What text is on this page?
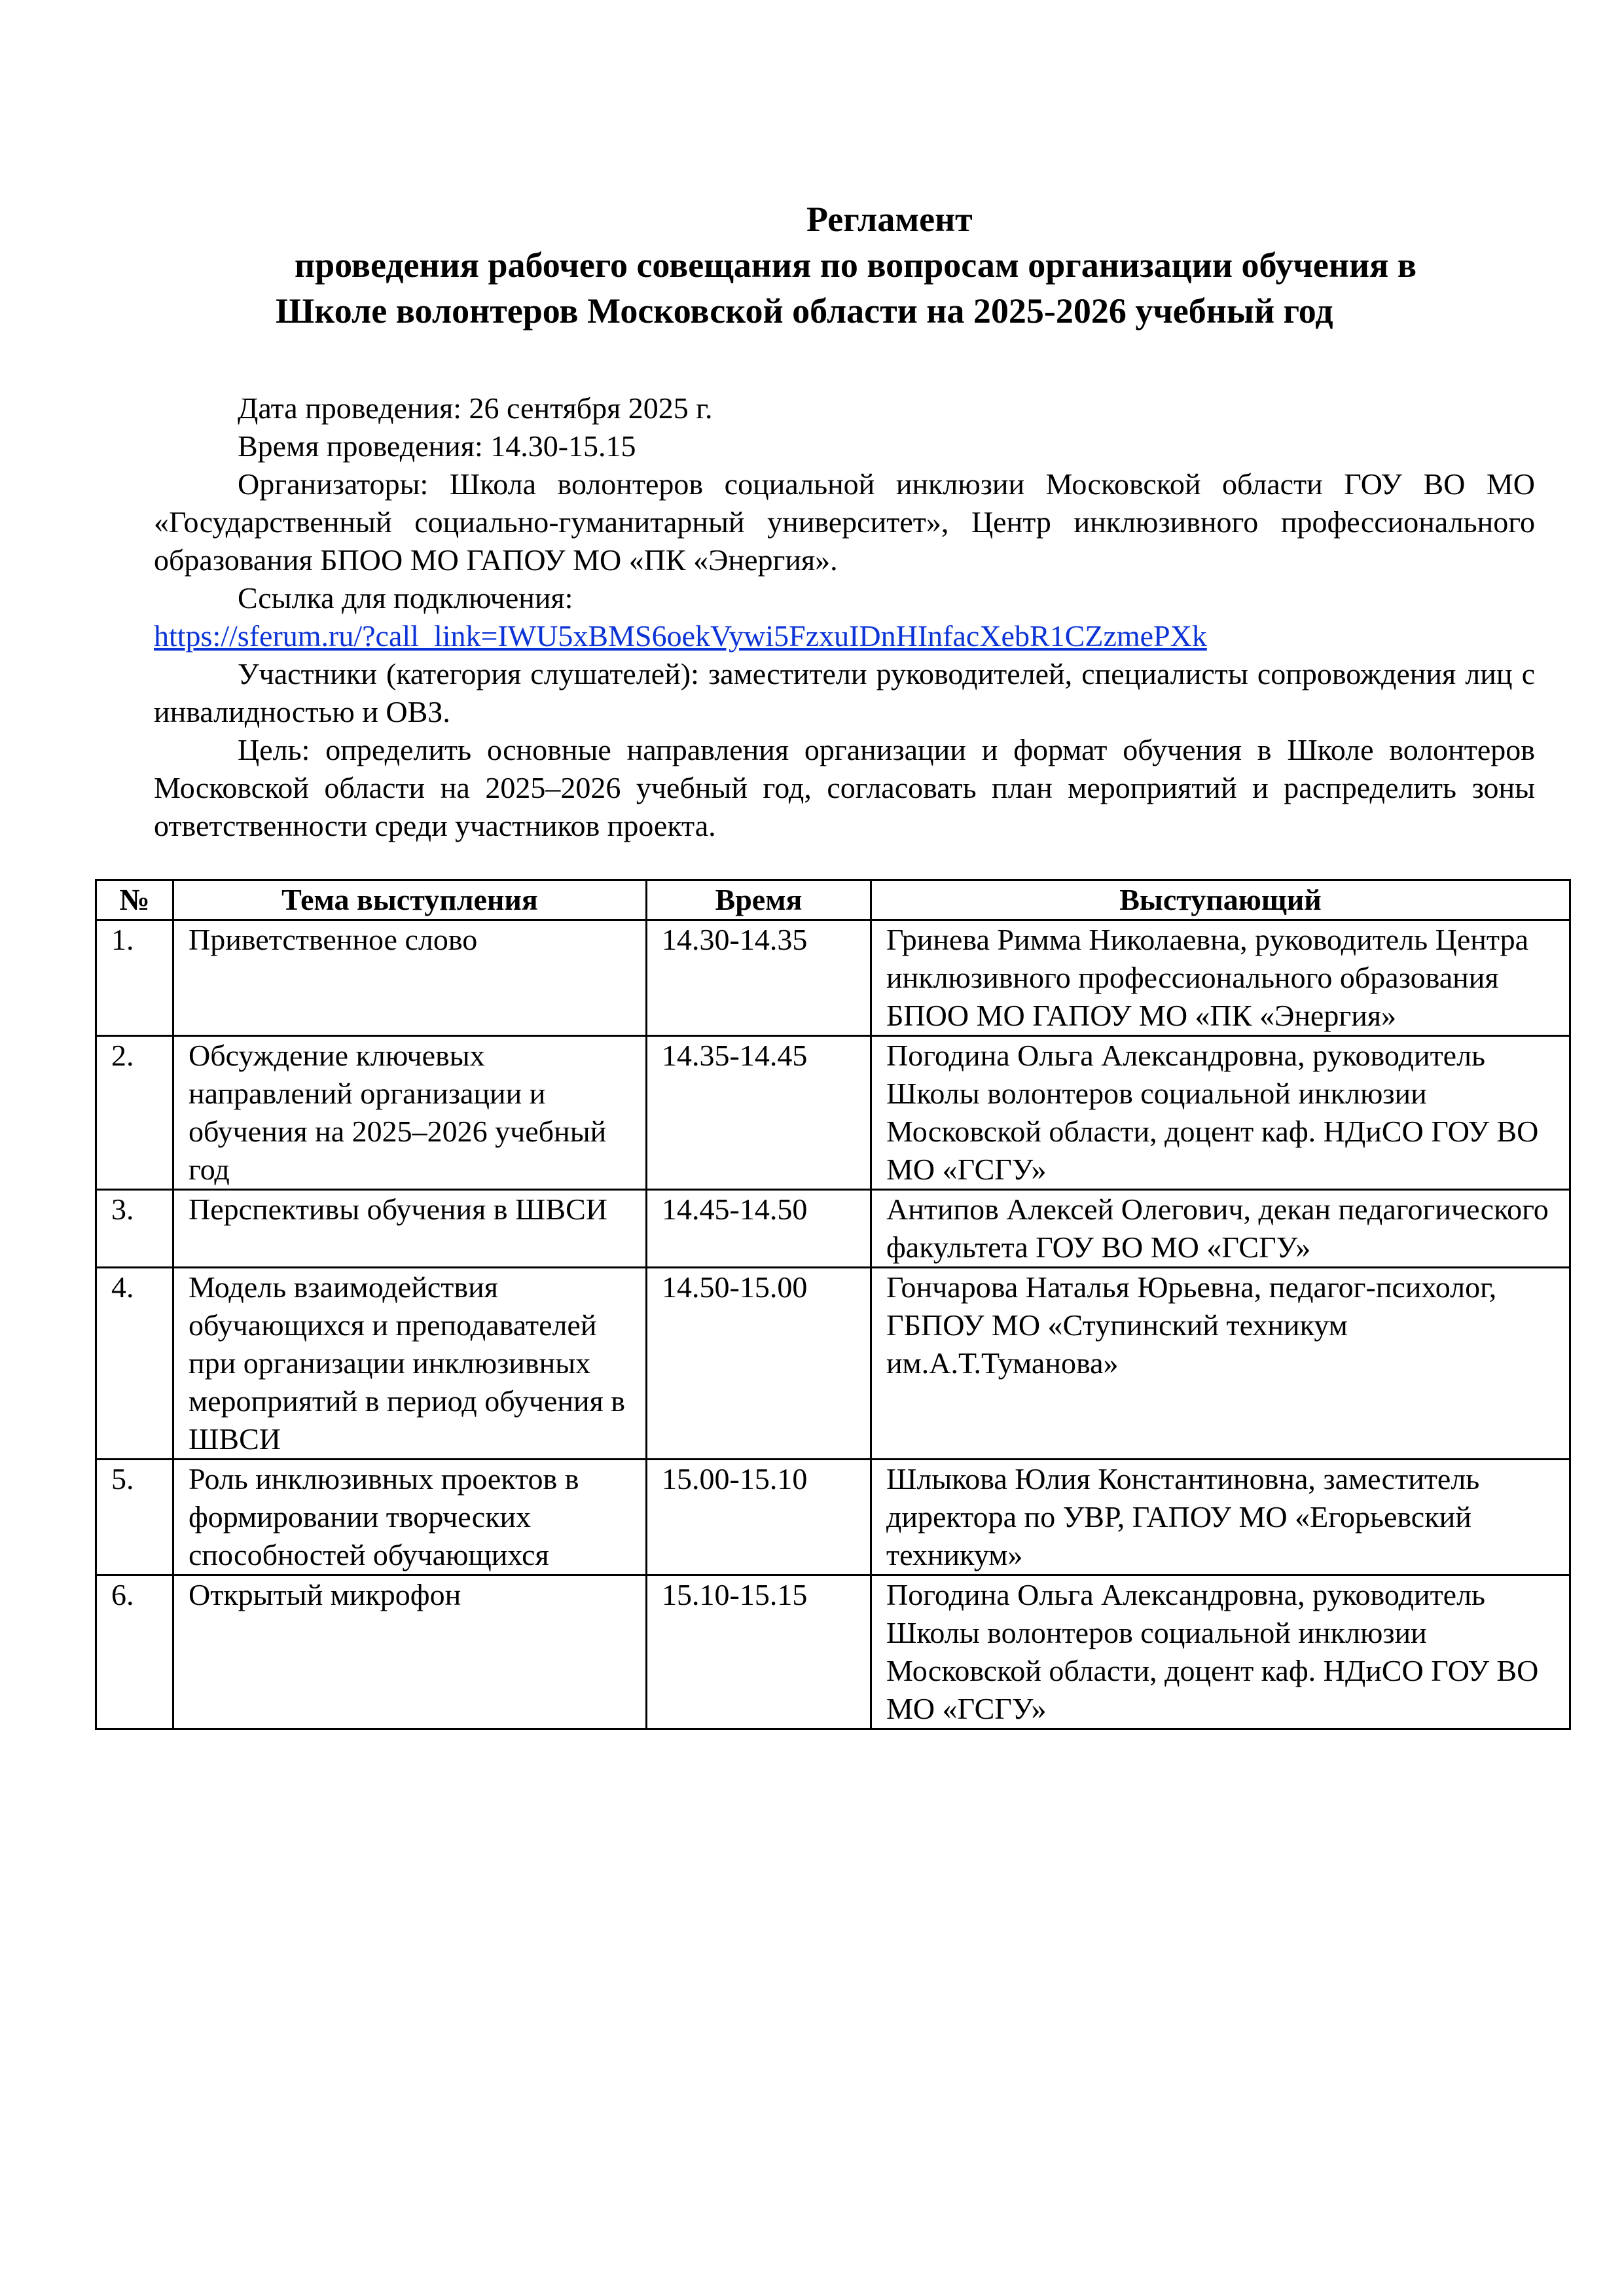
Регламент
проведения рабочего совещания по вопросам организации обучения в
Школе волонтеров Московской области на 2025-2026 учебный год

Дата проведения: 26 сентября 2025 г.

Время проведения: 14.30-15.15

Организаторы: Школа волонтеров социальной инклюзии Московской области ГОУ ВО МО «Государственный социально-гуманитарный университет», Центр инклюзивного профессионального образования БПОО МО ГАПОУ МО «ПК «Энергия».

Ссылка для подключения:

https://sferum.ru/?call_link=IWU5xBMS6oekVywi5FzxuIDnHInfacXebR1CZzmePXk

Участники (категория слушателей): заместители руководителей, специалисты сопровождения лиц с инвалидностью и ОВЗ.

Цель: определить основные направления организации и формат обучения в Школе волонтеров Московской области на 2025–2026 учебный год, согласовать план мероприятий и распределить зоны ответственности среди участников проекта.

№	Тема выступления	Время	Выступающий
1.	Приветственное слово	14.30-14.35	Гринева Римма Николаевна, руководитель Центра инклюзивного профессионального образования БПОО МО ГАПОУ МО «ПК «Энергия»
2.	Обсуждение ключевых направлений организации и обучения на 2025–2026 учебный год	14.35-14.45	Погодина Ольга Александровна, руководитель Школы волонтеров социальной инклюзии Московской области, доцент каф. НДиСО ГОУ ВО МО «ГСГУ»
3.	Перспективы обучения в ШВСИ	14.45-14.50	Антипов Алексей Олегович, декан педагогического факультета ГОУ ВО МО «ГСГУ»
4.	Модель взаимодействия обучающихся и преподавателей при организации инклюзивных мероприятий в период обучения в ШВСИ	14.50-15.00	Гончарова Наталья Юрьевна, педагог-психолог, ГБПОУ МО «Ступинский техникум им.А.Т.Туманова»
5.	Роль инклюзивных проектов в формировании творческих способностей обучающихся	15.00-15.10	Шлыкова Юлия Константиновна, заместитель директора по УВР, ГАПОУ МО «Егорьевский техникум»
6.	Открытый микрофон	15.10-15.15	Погодина Ольга Александровна, руководитель Школы волонтеров социальной инклюзии Московской области, доцент каф. НДиСО ГОУ ВО МО «ГСГУ»
